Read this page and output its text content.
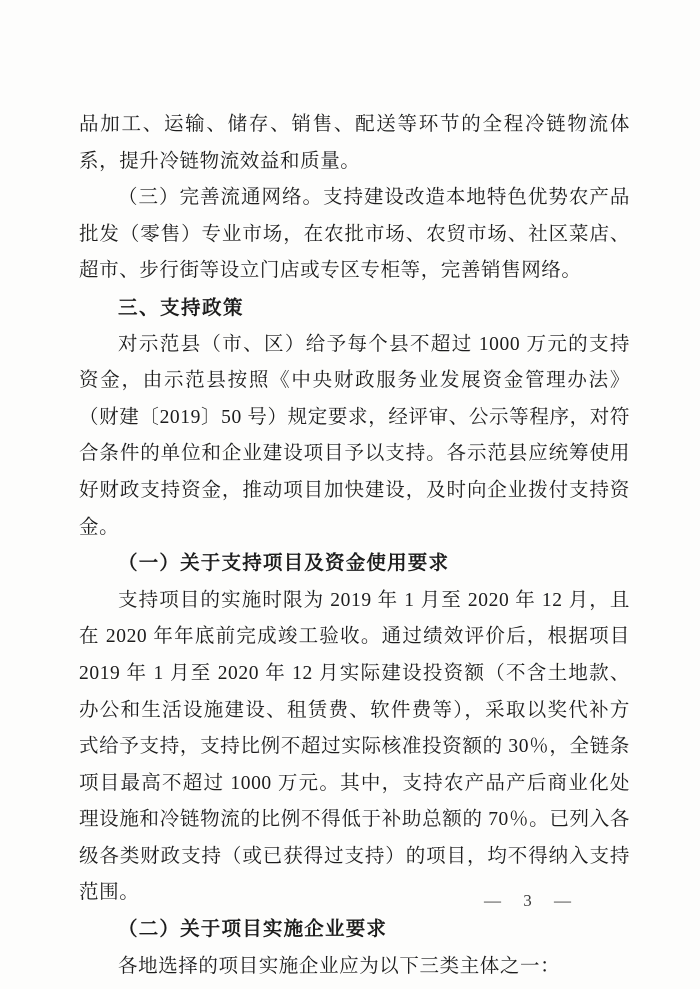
品加工、运输、储存、销售、配送等环节的全程冷链物流体系，提升冷链物流效益和质量。

（三）完善流通网络。支持建设改造本地特色优势农产品批发（零售）专业市场，在农批市场、农贸市场、社区菜店、超市、步行街等设立门店或专区专柜等，完善销售网络。

三、支持政策

对示范县（市、区）给予每个县不超过 1000 万元的支持资金，由示范县按照《中央财政服务业发展资金管理办法》（财建〔2019〕50 号）规定要求，经评审、公示等程序，对符合条件的单位和企业建设项目予以支持。各示范县应统筹使用好财政支持资金，推动项目加快建设，及时向企业拨付支持资金。

（一）关于支持项目及资金使用要求

支持项目的实施时限为 2019 年 1 月至 2020 年 12 月，且在 2020 年年底前完成竣工验收。通过绩效评价后，根据项目 2019 年 1 月至 2020 年 12 月实际建设投资额（不含土地款、办公和生活设施建设、租赁费、软件费等），采取以奖代补方式给予支持，支持比例不超过实际核准投资额的 30％，全链条项目最高不超过 1000 万元。其中，支持农产品产后商业化处理设施和冷链物流的比例不得低于补助总额的 70％。已列入各级各类财政支持（或已获得过支持）的项目，均不得纳入支持范围。

（二）关于项目实施企业要求

各地选择的项目实施企业应为以下三类主体之一：

— 3 —
